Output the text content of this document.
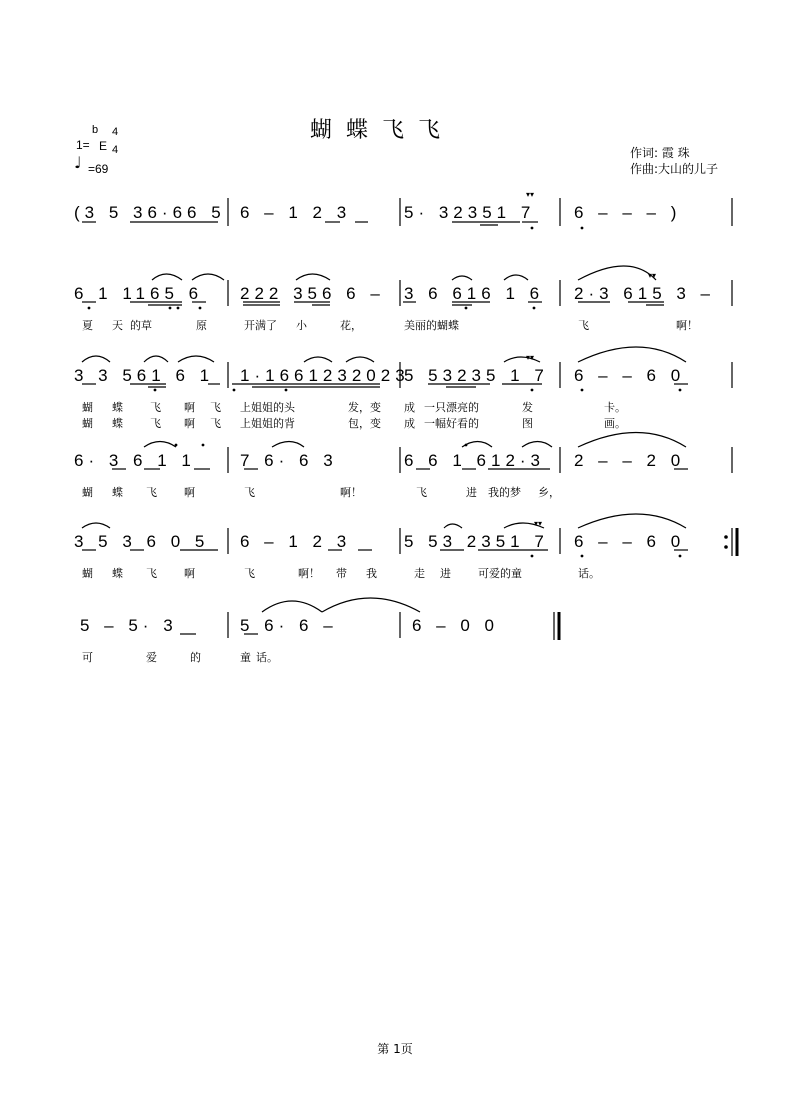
蝴蝶飞飞
1=
b
E
4
4
♩ =69
作词: 霞 珠
作曲:大山的儿子
▾▾
▾▾
▾▾
▾▾
(3 5 36·66 5 6 – 1 2 3	5· 32351 7 6 – – – )
6 1 1165 6 222 356 6 – 3 6 616 1 6 2·3 615 3 –
夏 天 的草	原	开满了 小	花，	美丽的蝴蝶	飞	啊！
3 3 561 6 1 1·1661232023
5 53235 1 7 6 – – 6 0
蝴 蝶 飞 啊 飞 上姐姐的头	发，变 成 一只漂亮的	发	卡。
蝴 蝶 飞 啊 飞 上姐姐的背	包，变 成 一幅好看的	图	画。
6· 3 6 1 1	7 6· 6 3	6 6 1 612·3 2 – – 2 0
蝴 蝶 飞 啊	飞	啊！	飞	进 我的梦 乡，
3 5 3 6 0 5 6 – 1 2 3	5 53 2351 7 6 – – 6 0
蝴 蝶 飞 啊	飞	啊！ 带 我	走 进 可爱的童	话。
5 – 5· 3	5 6· 6 –	6 – 0 0
可	爱	的	童 话。
第 1页
